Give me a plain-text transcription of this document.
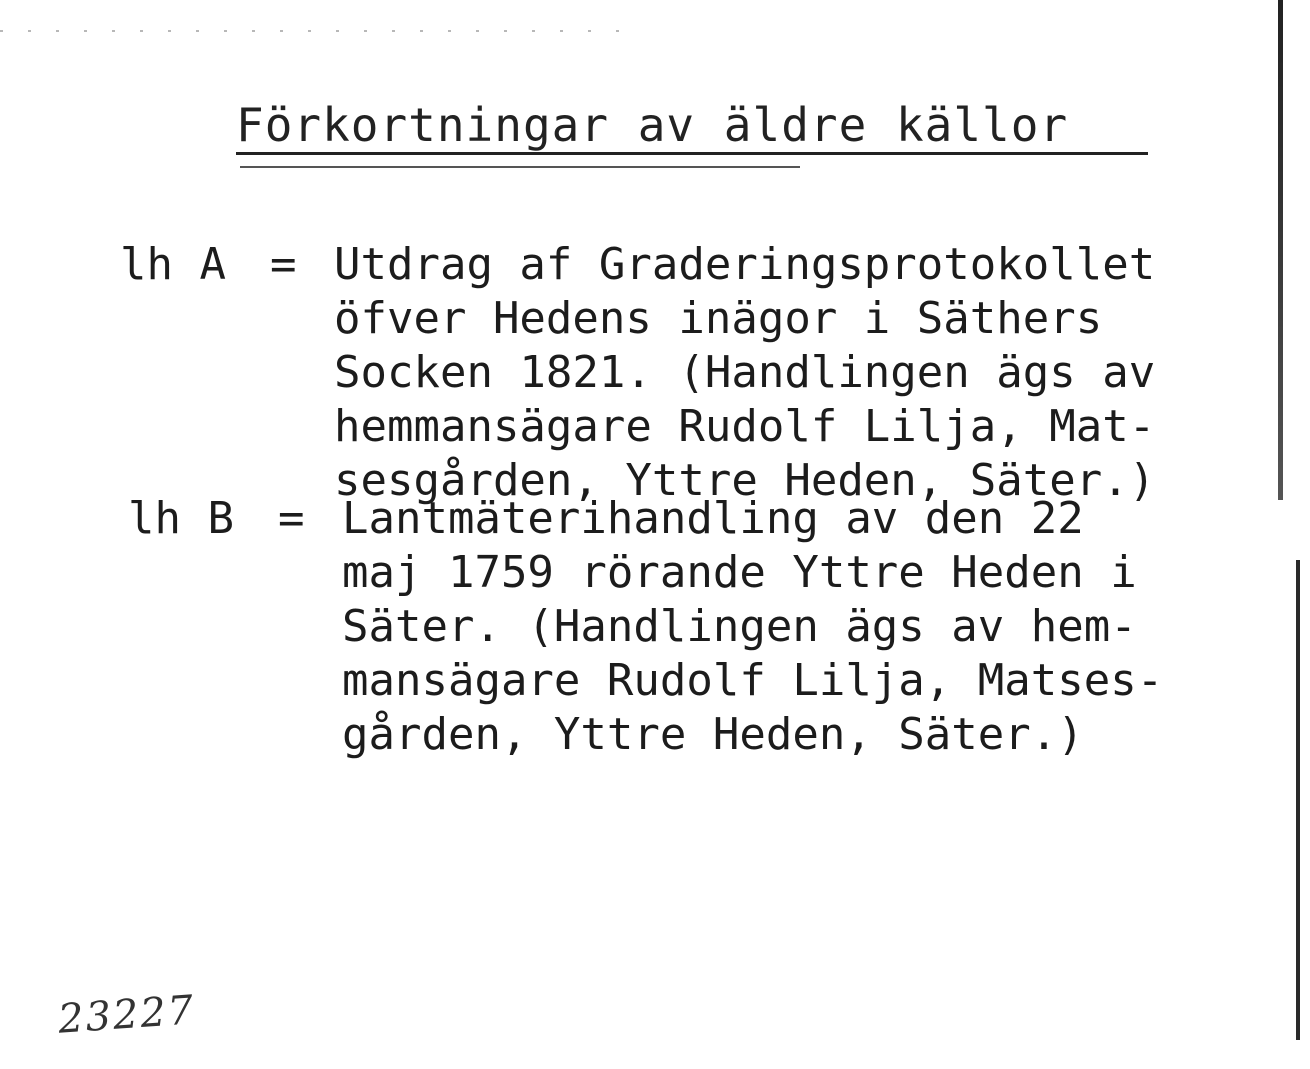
Förkortningar av äldre källor
lh A = Utdrag af Graderingsprotokollet
öfver Hedens inägor i Säthers
Socken 1821. (Handlingen ägs av
hemmansägare Rudolf Lilja, Mat-
sesgården, Yttre Heden, Säter.)
lh B = Lantmäterihandling av den 22
maj 1759 rörande Yttre Heden i
Säter. (Handlingen ägs av hem-
mansägare Rudolf Lilja, Matses-
gården, Yttre Heden, Säter.)
23227
